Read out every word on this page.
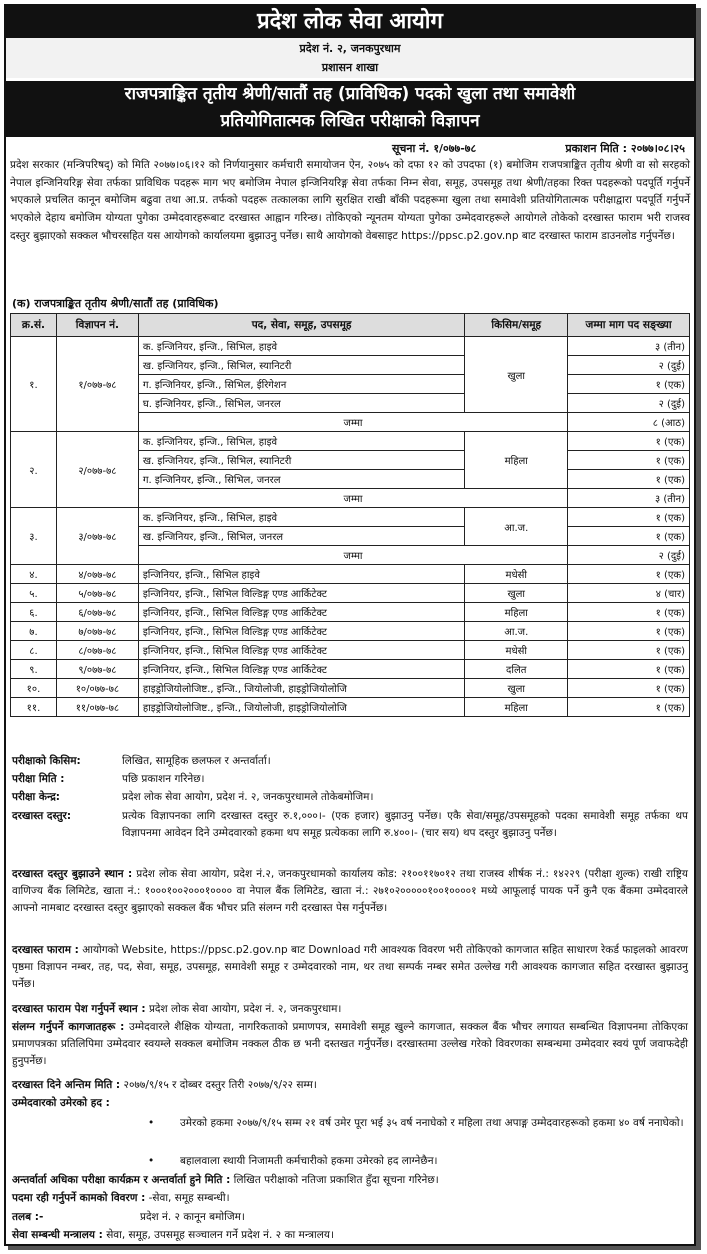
प्रदेश लोक सेवा आयोग
प्रदेश नं. २, जनकपुरधाम
प्रशासन शाखा
राजपत्राङ्कित तृतीय श्रेणी/सातौं तह (प्राविधिक) पदको खुला तथा समावेशी
प्रतियोगितात्मक लिखित परीक्षाको विज्ञापन
सूचना नं. १/०७७-७८	प्रकाशन मिति : २०७७।०८।२५
प्रदेश सरकार (मन्त्रिपरिषद्) को मिति २०७७।०६।१२ को निर्णयानुसार कर्मचारी समायोजन ऐन, २०७५ को दफा १२ को उपदफा (१) बमोजिम राजपत्राङ्कित तृतीय श्रेणी वा सो सरहको नेपाल इन्जिनियरिङ्ग सेवा तर्फका प्राविधिक पदहरू माग भए बमोजिम नेपाल इन्जिनियरिङ्ग सेवा तर्फका निम्न सेवा, समूह, उपसमूह तथा श्रेणी/तहका रिक्त पदहरूको पदपूर्ति गर्नुपर्ने भएकाले प्रचलित कानून बमोजिम बढुवा तथा आ.प्र. तर्फको पदहरू तत्कालका लागि सुरक्षित राखी बाँकी पदहरूमा खुला तथा समावेशी प्रतियोगितात्मक परीक्षाद्वारा पदपूर्ति गर्नुपर्ने भएकोले देहाय बमोजिम योग्यता पुगेका उम्मेदवारहरूबाट दरखास्त आह्वान गरिन्छ। तोकिएको न्यूनतम योग्यता पुगेका उम्मेदवारहरूले आयोगले तोकेको दरखास्त फाराम भरी राजस्व दस्तुर बुझाएको सक्कल भौचरसहित यस आयोगको कार्यालयमा बुझाउनु पर्नेछ। साथै आयोगको वेबसाइट https://ppsc.p2.gov.np बाट दरखास्त फाराम डाउनलोड गर्नुपर्नेछ।
(क) राजपत्राङ्कित तृतीय श्रेणी/सातौं तह (प्राविधिक)
क्र.सं.	विज्ञापन नं.	पद, सेवा, समूह, उपसमूह	किसिम/समूह	जम्मा माग पद सङ्ख्या
१.	१/०७७-७८	क. इन्जिनियर, इन्जि., सिभिल, हाइवे	खुला	३ (तीन)
		ख. इन्जिनियर, इन्जि., सिभिल, स्यानिटरी		२ (दुई)
		ग. इन्जिनियर, इन्जि., सिभिल, ईरिगेशन		१ (एक)
		घ. इन्जिनियर, इन्जि., सिभिल, जनरल		२ (दुई)
		जम्मा		८ (आठ)
२.	२/०७७-७८	क. इन्जिनियर, इन्जि., सिभिल, हाइवे	महिला	१ (एक)
		ख. इन्जिनियर, इन्जि., सिभिल, स्यानिटरी		१ (एक)
		ग. इन्जिनियर, इन्जि., सिभिल, जनरल		१ (एक)
		जम्मा		३ (तीन)
३.	३/०७७-७८	क. इन्जिनियर, इन्जि., सिभिल, हाइवे	आ.ज.	१ (एक)
		ख. इन्जिनियर, इन्जि., सिभिल, जनरल		१ (एक)
		जम्मा		२ (दुई)
४.	४/०७७-७८	इन्जिनियर, इन्जि., सिभिल हाइवे	मधेसी	१ (एक)
५.	५/०७७-७८	इन्जिनियर, इन्जि., सिभिल विल्डिङ्ग एण्ड आर्किटेक्ट	खुला	४ (चार)
६.	६/०७७-७८	इन्जिनियर, इन्जि., सिभिल विल्डिङ्ग एण्ड आर्किटेक्ट	महिला	१ (एक)
७.	७/०७७-७८	इन्जिनियर, इन्जि., सिभिल विल्डिङ्ग एण्ड आर्किटेक्ट	आ.ज.	१ (एक)
८.	८/०७७-७८	इन्जिनियर, इन्जि., सिभिल विल्डिङ्ग एण्ड आर्किटेक्ट	मधेसी	१ (एक)
९.	९/०७७-७८	इन्जिनियर, इन्जि., सिभिल विल्डिङ्ग एण्ड आर्किटेक्ट	दलित	१ (एक)
१०.	१०/०७७-७८	हाइड्रोजियोलोजिष्ट., इन्जि., जियोलोजी, हाइड्रोजियोलोजि	खुला	१ (एक)
११.	११/०७७-७८	हाइड्रोजियोलोजिष्ट., इन्जि., जियोलोजी, हाइड्रोजियोलोजि	महिला	१ (एक)
परीक्षाको किसिम:	लिखित, सामूहिक छलफल र अन्तर्वार्ता।
परीक्षा मिति :	पछि प्रकाशन गरिनेछ।
परीक्षा केन्द्र:	प्रदेश लोक सेवा आयोग, प्रदेश नं. २, जनकपुरधामले तोकेबमोजिम।
दरखास्त दस्तुर:	प्रत्येक विज्ञापनका लागि दरखास्त दस्तुर रु.१,०००।- (एक हजार) बुझाउनु पर्नेछ। एकै सेवा/समूह/उपसमूहको पदका समावेशी समूह तर्फका थप विज्ञापनमा आवेदन दिने उम्मेदवारको हकमा थप समूह प्रत्येकका लागि रु.४००।- (चार सय) थप दस्तुर बुझाउनु पर्नेछ।
दरखास्त दस्तुर बुझाउने स्थान : प्रदेश लोक सेवा आयोग, प्रदेश नं.२, जनकपुरधामको कार्यालय कोड: २१००११७०१२ तथा राजस्व शीर्षक नं.: १४२२९ (परीक्षा शुल्क) राखी राष्ट्रिय वाणिज्य बैंक लिमिटेड, खाता नं.: १०००१००२०००१०००० वा नेपाल बैंक लिमिटेड, खाता नं.: २७१०२०००००१००१००००१ मध्ये आफूलाई पायक पर्ने कुनै एक बैंकमा उम्मेदवारले आफ्नो नामबाट दरखास्त दस्तुर बुझाएको सक्कल बैंक भौचर प्रति संलग्न गरी दरखास्त पेस गर्नुपर्नेछ।
दरखास्त फाराम : आयोगको Website, https://ppsc.p2.gov.np बाट Download गरी आवश्यक विवरण भरी तोकिएको कागजात सहित साधारण रेकर्ड फाइलको आवरण पृष्ठमा विज्ञापन नम्बर, तह, पद, सेवा, समूह, उपसमूह, समावेशी समूह र उम्मेदवारको नाम, थर तथा सम्पर्क नम्बर समेत उल्लेख गरी आवश्यक कागजात सहित दरखास्त बुझाउनु पर्नेछ।
दरखास्त फाराम पेश गर्नुपर्ने स्थान : प्रदेश लोक सेवा आयोग, प्रदेश नं. २, जनकपुरधाम।
संलग्न गर्नुपर्ने कागजातहरू : उम्मेदवारले शैक्षिक योग्यता, नागरिकताको प्रमाणपत्र, समावेशी समूह खुल्ने कागजात, सक्कल बैंक भौचर लगायत सम्बन्धित विज्ञापनमा तोकिएका प्रमाणपत्रका प्रतिलिपिमा उम्मेदवार स्वयम्ले सक्कल बमोजिम नक्कल ठीक छ भनी दस्तखत गर्नुपर्नेछ। दरखास्तमा उल्लेख गरेको विवरणका सम्बन्धमा उम्मेदवार स्वयं पूर्ण जवाफदेही हुनुपर्नेछ।
दरखास्त दिने अन्तिम मिति : २०७७/९/१५ र दोब्बर दस्तुर तिरी २०७७/९/२२ सम्म।
उम्मेदवारको उमेरको हद :
• उमेरको हकमा २०७७/९/१५ सम्म २१ वर्ष उमेर पूरा भई ३५ वर्ष ननाघेको र महिला तथा अपाङ्ग उम्मेदवारहरूको हकमा ४० वर्ष ननाघेको।
• बहालवाला स्थायी निजामती कर्मचारीको हकमा उमेरको हद लाग्नेछैन।
अन्तर्वार्ता अधिका परीक्षा कार्यक्रम र अन्तर्वार्ता हुने मिति : लिखित परीक्षाको नतिजा प्रकाशित हुँदा सूचना गरिनेछ।
पदमा रही गर्नुपर्ने कामको विवरण : -सेवा, समूह सम्बन्धी।
तलब :-	प्रदेश नं. २ कानून बमोजिम।
सेवा सम्बन्धी मन्त्रालय : सेवा, समूह, उपसमूह सञ्चालन गर्ने प्रदेश नं. २ का मन्त्रालय।
